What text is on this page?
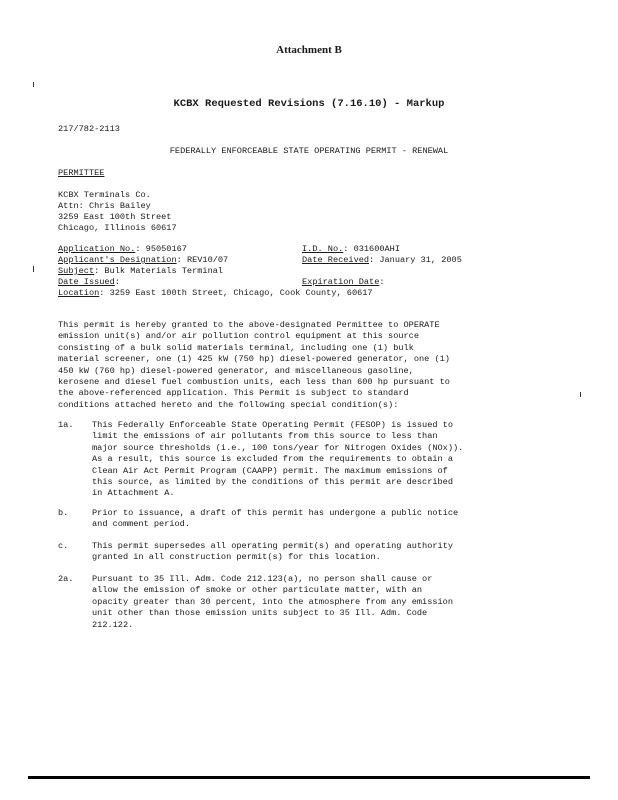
Attachment B
KCBX Requested Revisions (7.16.10) - Markup
217/782-2113
FEDERALLY ENFORCEABLE STATE OPERATING PERMIT - RENEWAL
PERMITTEE
KCBX Terminals Co.
Attn: Chris Bailey
3259 East 100th Street
Chicago, Illinois 60617
Application No.: 95050167	I.D. No.: 031600AHI
Applicant's Designation: REV10/07	Date Received: January 31, 2005
Subject: Bulk Materials Terminal
Date Issued:	Expiration Date:
Location: 3259 East 100th Street, Chicago, Cook County, 60617
This permit is hereby granted to the above-designated Permittee to OPERATE
emission unit(s) and/or air pollution control equipment at this source
consisting of a bulk solid materials terminal, including one (1) bulk
material screener, one (1) 425 kW (750 hp) diesel-powered generator, one (1)
450 kW (760 hp) diesel-powered generator, and miscellaneous gasoline,
kerosene and diesel fuel combustion units, each less than 600 hp pursuant to
the above-referenced application. This Permit is subject to standard
conditions attached hereto and the following special condition(s):
1a. This Federally Enforceable State Operating Permit (FESOP) is issued to
limit the emissions of air pollutants from this source to less than
major source thresholds (i.e., 100 tons/year for Nitrogen Oxides (NOx)).
As a result, this source is excluded from the requirements to obtain a
Clean Air Act Permit Program (CAAPP) permit. The maximum emissions of
this source, as limited by the conditions of this permit are described
in Attachment A.
b.	Prior to issuance, a draft of this permit has undergone a public notice
and comment period.
c.	This permit supersedes all operating permit(s) and operating authority
granted in all construction permit(s) for this location.
2a. Pursuant to 35 Ill. Adm. Code 212.123(a), no person shall cause or
allow the emission of smoke or other particulate matter, with an
opacity greater than 30 percent, into the atmosphere from any emission
unit other than those emission units subject to 35 Ill. Adm. Code
212.122.
